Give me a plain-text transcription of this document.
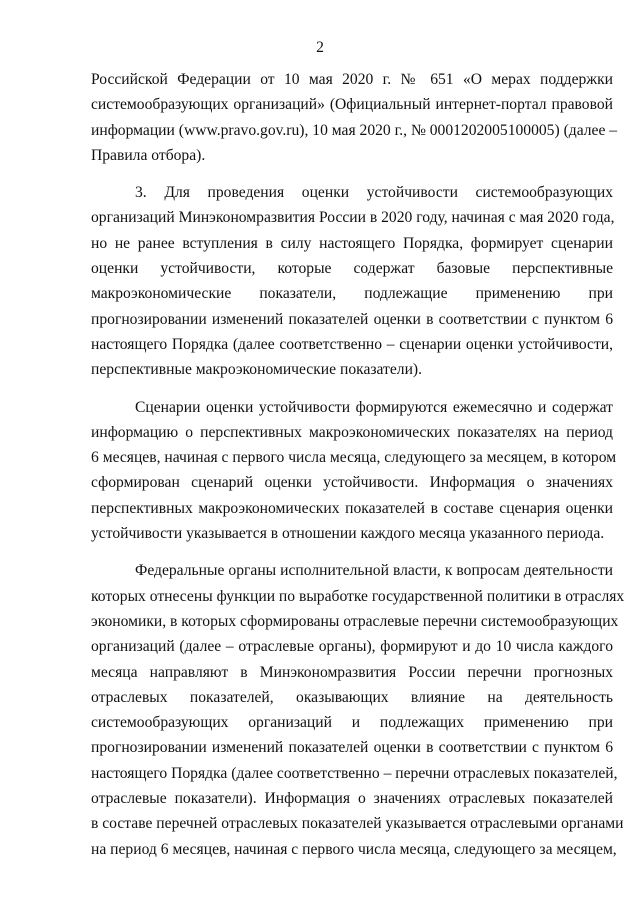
2
Российской Федерации от 10 мая 2020 г. № 651 «О мерах поддержки
системообразующих организаций» (Официальный интернет-портал правовой
информации (www.pravo.gov.ru), 10 мая 2020 г., № 0001202005100005) (далее –
Правила отбора).
3. Для проведения оценки устойчивости системообразующих
организаций Минэкономразвития России в 2020 году, начиная с мая 2020 года,
но не ранее вступления в силу настоящего Порядка, формирует сценарии
оценки устойчивости, которые содержат базовые перспективные
макроэкономические показатели, подлежащие применению при
прогнозировании изменений показателей оценки в соответствии с пунктом 6
настоящего Порядка (далее соответственно – сценарии оценки устойчивости,
перспективные макроэкономические показатели).
Сценарии оценки устойчивости формируются ежемесячно и содержат
информацию о перспективных макроэкономических показателях на период
6 месяцев, начиная с первого числа месяца, следующего за месяцем, в котором
сформирован сценарий оценки устойчивости. Информация о значениях
перспективных макроэкономических показателей в составе сценария оценки
устойчивости указывается в отношении каждого месяца указанного периода.
Федеральные органы исполнительной власти, к вопросам деятельности
которых отнесены функции по выработке государственной политики в отраслях
экономики, в которых сформированы отраслевые перечни системообразующих
организаций (далее – отраслевые органы), формируют и до 10 числа каждого
месяца направляют в Минэкономразвития России перечни прогнозных
отраслевых показателей, оказывающих влияние на деятельность
системообразующих организаций и подлежащих применению при
прогнозировании изменений показателей оценки в соответствии с пунктом 6
настоящего Порядка (далее соответственно – перечни отраслевых показателей,
отраслевые показатели). Информация о значениях отраслевых показателей
в составе перечней отраслевых показателей указывается отраслевыми органами
на период 6 месяцев, начиная с первого числа месяца, следующего за месяцем,
